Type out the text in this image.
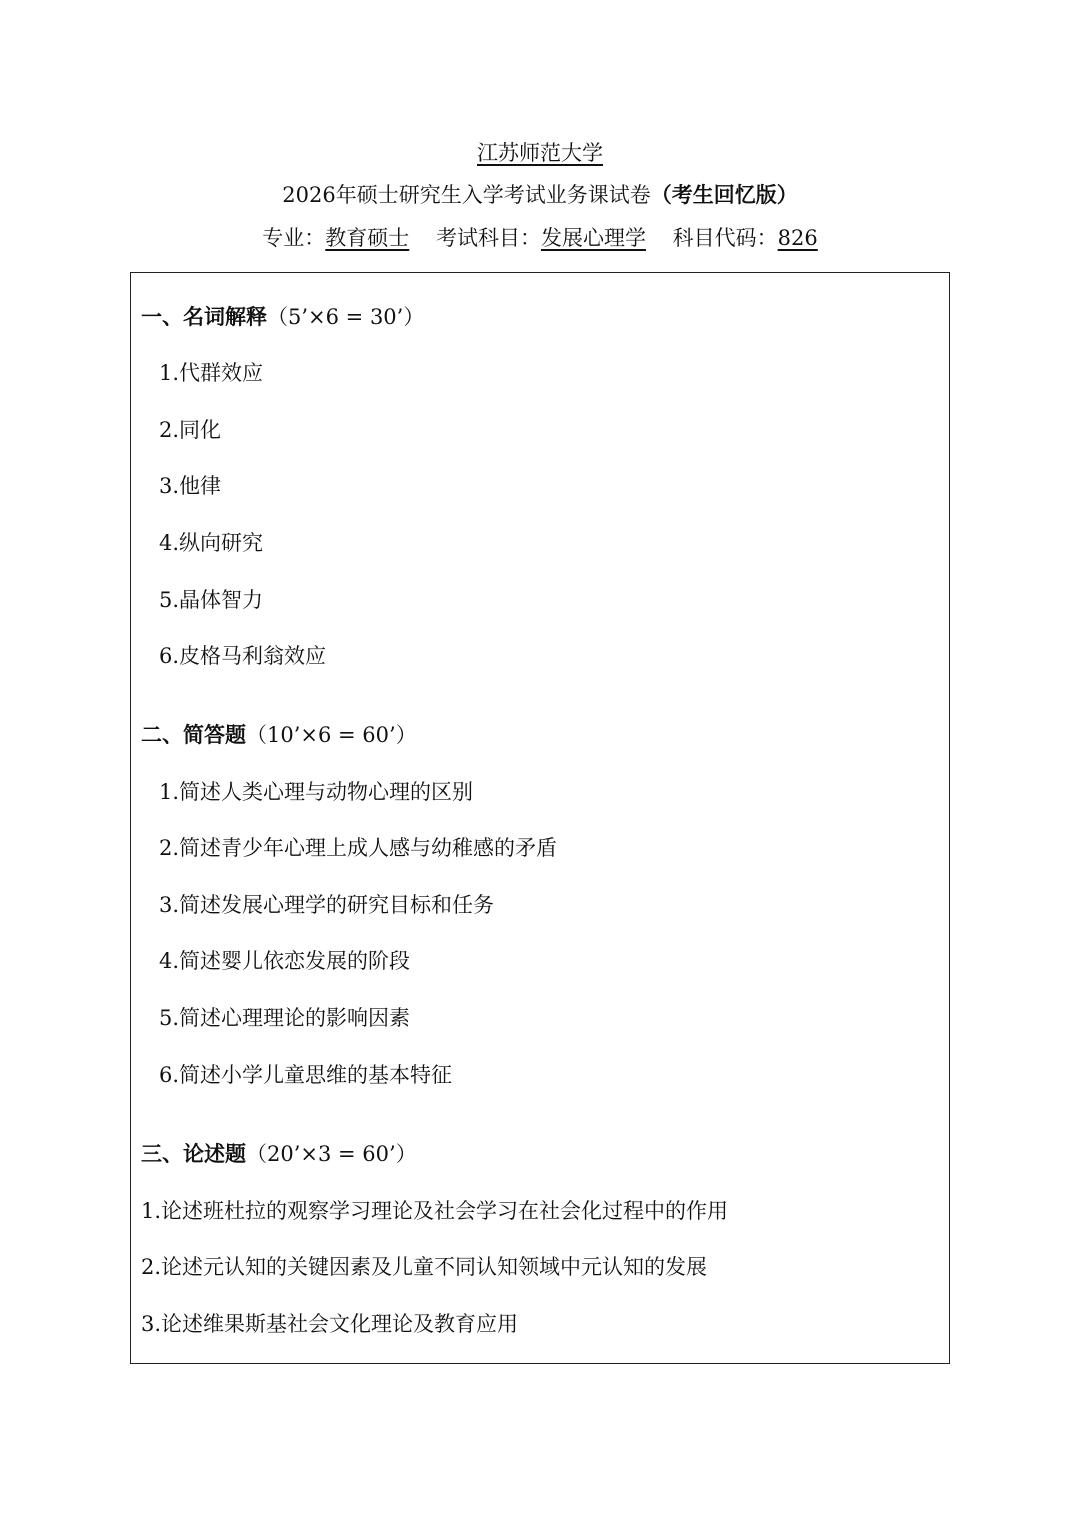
江苏师范大学
2026年硕士研究生入学考试业务课试卷（考生回忆版）
专业：教育硕士 考试科目：发展心理学 科目代码：826
一、名词解释（5’×6 = 30’）
1.代群效应
2.同化
3.他律
4.纵向研究
5.晶体智力
6.皮格马利翁效应
二、简答题（10’×6 = 60’）
1.简述人类心理与动物心理的区别
2.简述青少年心理上成人感与幼稚感的矛盾
3.简述发展心理学的研究目标和任务
4.简述婴儿依恋发展的阶段
5.简述心理理论的影响因素
6.简述小学儿童思维的基本特征
三、论述题（20’×3 = 60’）
1.论述班杜拉的观察学习理论及社会学习在社会化过程中的作用
2.论述元认知的关键因素及儿童不同认知领域中元认知的发展
3.论述维果斯基社会文化理论及教育应用
